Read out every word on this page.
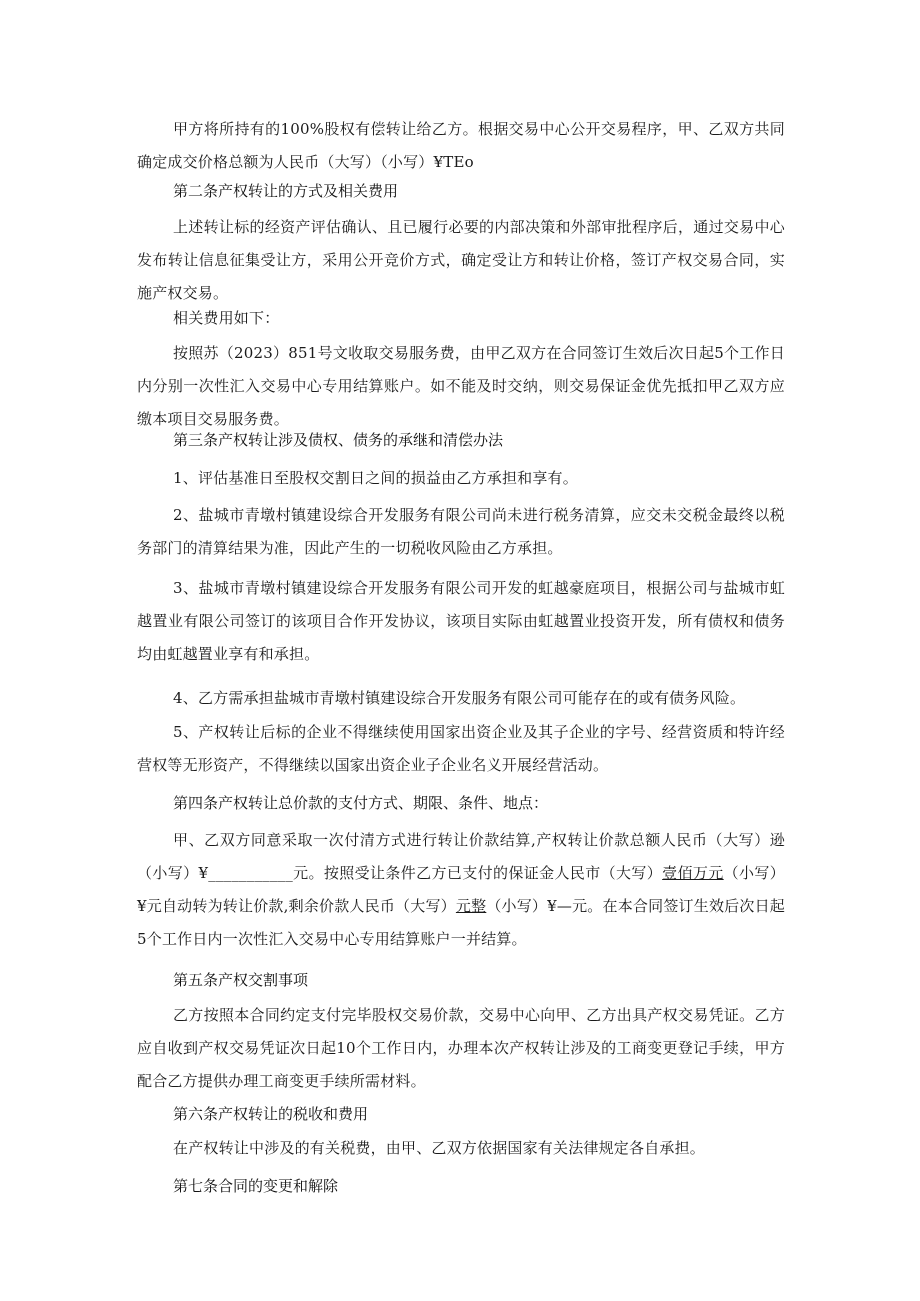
甲方将所持有的100%股权有偿转让给乙方。根据交易中心公开交易程序，甲、乙双方共同确定成交价格总额为人民币（大写）（小写）¥TEo

第二条产权转让的方式及相关费用

上述转让标的经资产评估确认、且已履行必要的内部决策和外部审批程序后，通过交易中心发布转让信息征集受让方，采用公开竞价方式，确定受让方和转让价格，签订产权交易合同，实施产权交易。

相关费用如下：

按照苏（2023）851号文收取交易服务费，由甲乙双方在合同签订生效后次日起5个工作日内分别一次性汇入交易中心专用结算账户。如不能及时交纳，则交易保证金优先抵扣甲乙双方应缴本项目交易服务费。

第三条产权转让涉及债权、债务的承继和清偿办法

1、评估基准日至股权交割日之间的损益由乙方承担和享有。

2、盐城市青墩村镇建设综合开发服务有限公司尚未进行税务清算，应交未交税金最终以税务部门的清算结果为准，因此产生的一切税收风险由乙方承担。

3、盐城市青墩村镇建设综合开发服务有限公司开发的虹越豪庭项目，根据公司与盐城市虹越置业有限公司签订的该项目合作开发协议，该项目实际由虹越置业投资开发，所有债权和债务均由虹越置业享有和承担。

4、乙方需承担盐城市青墩村镇建设综合开发服务有限公司可能存在的或有债务风险。

5、产权转让后标的企业不得继续使用国家出资企业及其子企业的字号、经营资质和特许经营权等无形资产，不得继续以国家出资企业子企业名义开展经营活动。

第四条产权转让总价款的支付方式、期限、条件、地点：

甲、乙双方同意采取一次付清方式进行转让价款结算,产权转让价款总额人民币（大写）逊（小写）¥___________元。按照受让条件乙方已支付的保证金人民市（大写）壹佰万元（小写）¥元自动转为转让价款,剩余价款人民币（大写）元整（小写）¥—元。在本合同签订生效后次日起5个工作日内一次性汇入交易中心专用结算账户一并结算。

第五条产权交割事项

乙方按照本合同约定支付完毕股权交易价款，交易中心向甲、乙方出具产权交易凭证。乙方应自收到产权交易凭证次日起10个工作日内，办理本次产权转让涉及的工商变更登记手续，甲方配合乙方提供办理工商变更手续所需材料。

第六条产权转让的税收和费用

在产权转让中涉及的有关税费，由甲、乙双方依据国家有关法律规定各自承担。

第七条合同的变更和解除
